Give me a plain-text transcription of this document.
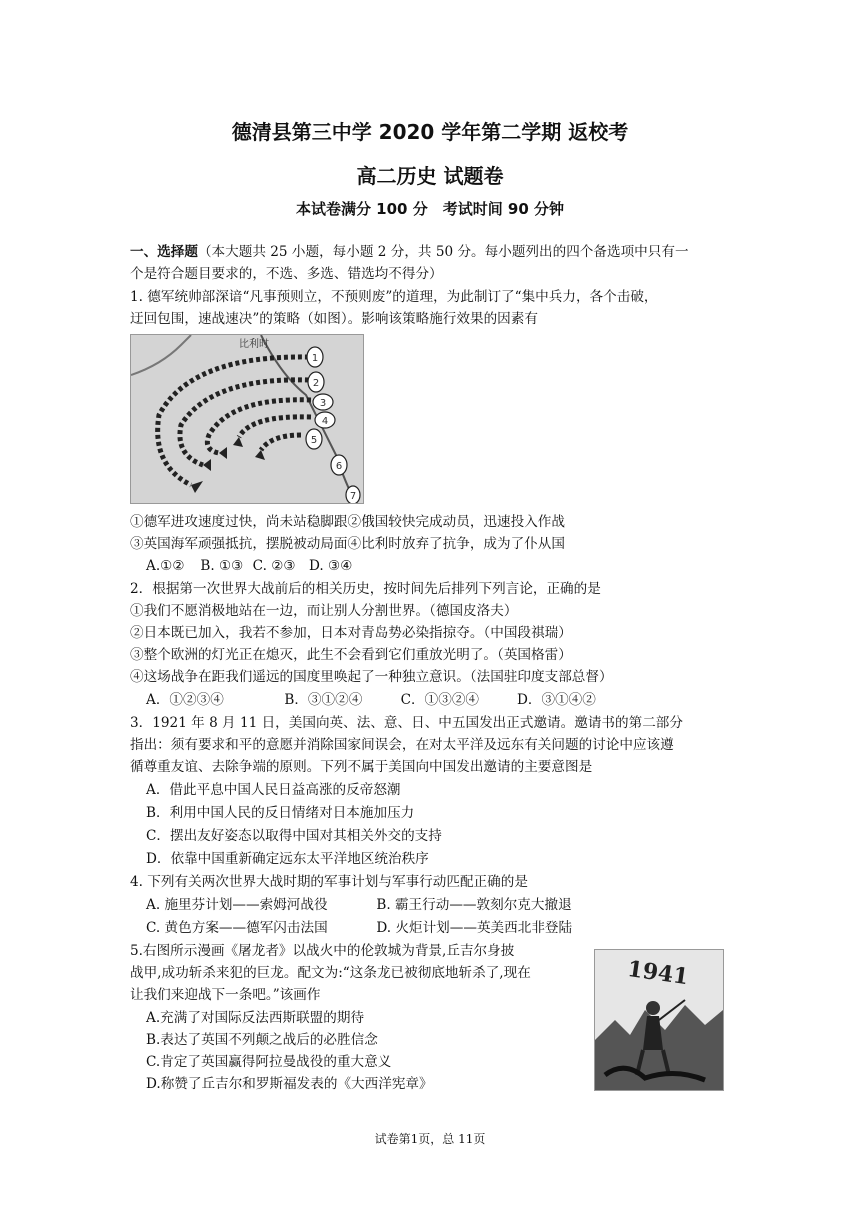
德清县第三中学 2020 学年第二学期 返校考
高二历史 试题卷
本试卷满分 100 分　考试时间 90 分钟
一、选择题（本大题共 25 小题，每小题 2 分，共 50 分。每小题列出的四个备选项中只有一
个是符合题目要求的，不选、多选、错选均不得分）
1. 德军统帅部深谙“凡事预则立，不预则废”的道理，为此制订了“集中兵力，各个击破，
迂回包围，速战速决”的策略（如图）。影响该策略施行效果的因素有
比利时
1
2
3
4
5
6
7
①德军进攻速度过快，尚未站稳脚跟②俄国较快完成动员，迅速投入作战
③英国海军顽强抵抗，摆脱被动局面④比利时放弃了抗争，成为了仆从国
A.①② B. ①③ C. ②③ D. ③④
2．根据第一次世界大战前后的相关历史，按时间先后排列下列言论，正确的是
①我们不愿消极地站在一边，而让别人分割世界。（德国皮洛夫）
②日本既已加入，我若不参加，日本对青岛势必染指掠夺。（中国段祺瑞）
③整个欧洲的灯光正在熄灭，此生不会看到它们重放光明了。（英国格雷）
④这场战争在距我们遥远的国度里唤起了一种独立意识。（法国驻印度支部总督）
A．①②③④	B．③①②④	C．①③②④	D．③①④②
3．1921 年 8 月 11 日，美国向英、法、意、日、中五国发出正式邀请。邀请书的第二部分
指出：须有要求和平的意愿并消除国家间误会，在对太平洋及远东有关问题的讨论中应该遵
循尊重友谊、去除争端的原则。下列不属于美国向中国发出邀请的主要意图是
A．借此平息中国人民日益高涨的反帝怒潮
B．利用中国人民的反日情绪对日本施加压力
C．摆出友好姿态以取得中国对其相关外交的支持
D．依靠中国重新确定远东太平洋地区统治秩序
4. 下列有关两次世界大战时期的军事计划与军事行动匹配正确的是
A. 施里芬计划——索姆河战役	B. 霸王行动——敦刻尔克大撤退
C. 黄色方案——德军闪击法国	D. 火炬计划——英美西北非登陆
5.右图所示漫画《屠龙者》以战火中的伦敦城为背景,丘吉尔身披
战甲,成功斩杀来犯的巨龙。配文为:“这条龙已被彻底地斩杀了,现在
让我们来迎战下一条吧。”该画作
A.充满了对国际反法西斯联盟的期待
B.表达了英国不列颠之战后的必胜信念
C.肯定了英国赢得阿拉曼战役的重大意义
D.称赞了丘吉尔和罗斯福发表的《大西洋宪章》
1941
试卷第1页，总 11页
